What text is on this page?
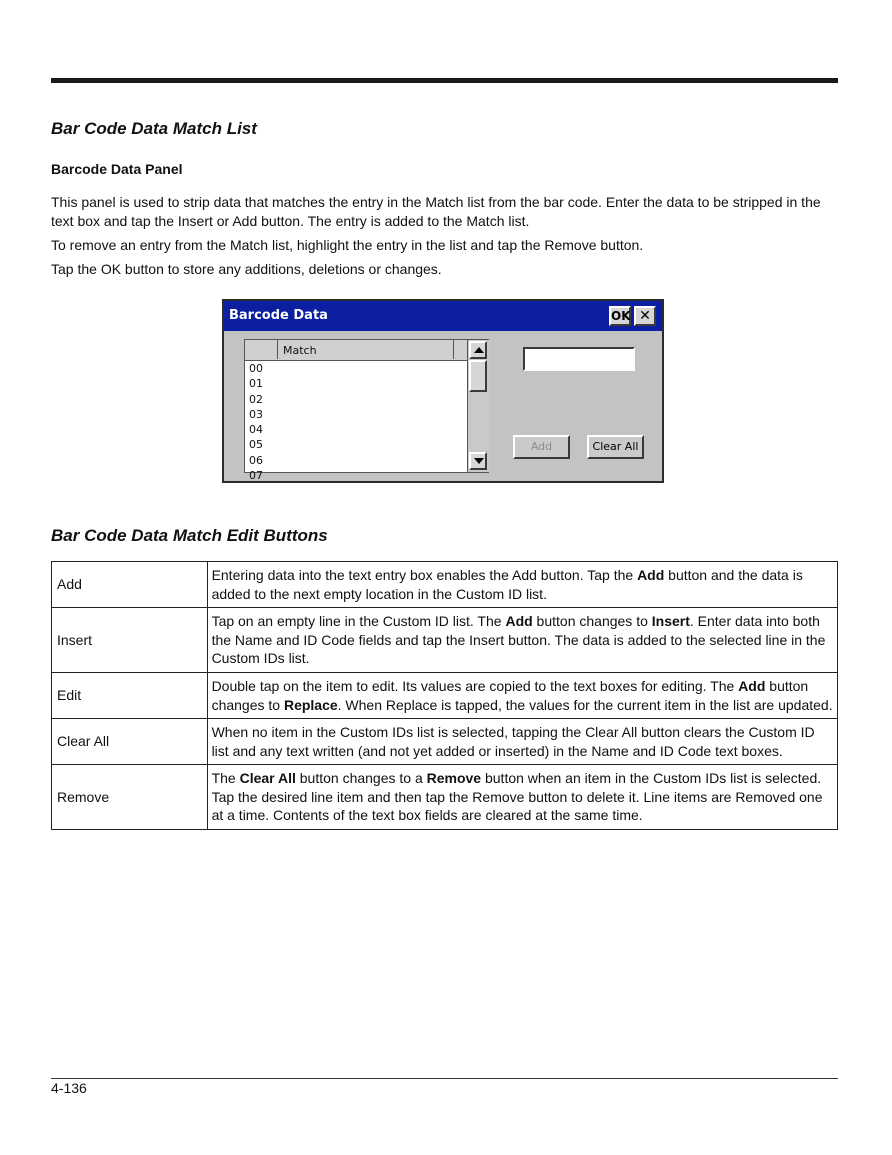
Bar Code Data Match List
Barcode Data Panel

This panel is used to strip data that matches the entry in the Match list from the bar code. Enter the data to be stripped in the text box and tap the Insert or Add button. The entry is added to the Match list.

To remove an entry from the Match list, highlight the entry in the list and tap the Remove button.

Tap the OK button to store any additions, deletions or changes.

Barcode Data	OK ✕
Match
00
01
02
03
04
05
06
07
Add	Clear All
Bar Code Data Match Edit Buttons
Add	Entering data into the text entry box enables the Add button. Tap the Add button and the data is added to the next empty location in the Custom ID list.
Insert	Tap on an empty line in the Custom ID list. The Add button changes to Insert. Enter data into both the Name and ID Code fields and tap the Insert button. The data is added to the selected line in the Custom IDs list.
Edit	Double tap on the item to edit. Its values are copied to the text boxes for editing. The Add button changes to Replace. When Replace is tapped, the values for the current item in the list are updated.
Clear All	When no item in the Custom IDs list is selected, tapping the Clear All button clears the Custom ID list and any text written (and not yet added or inserted) in the Name and ID Code text boxes.
Remove	The Clear All button changes to a Remove button when an item in the Custom IDs list is selected. Tap the desired line item and then tap the Remove button to delete it. Line items are Removed one at a time. Contents of the text box fields are cleared at the same time.
4-136
